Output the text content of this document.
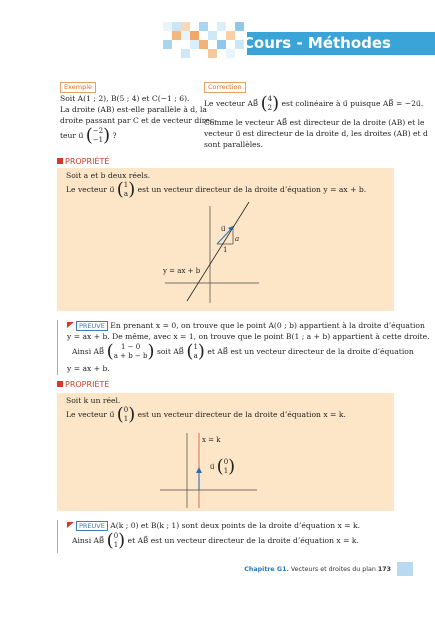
Cours - Méthodes
Exemple
Soit A(1 ; 2), B(5 ; 4) et C(−1 ; 6).
La droite (AB) est-elle parallèle à d, la
droite passant par C et de vecteur direc-
teur u⃗ (−2
−1) ?
Correction
Le vecteur AB⃗ (4
2) est colinéaire à u⃗ puisque AB⃗ = −2u⃗.
Comme le vecteur AB⃗ est directeur de la droite (AB) et le
vecteur u⃗ est directeur de la droite d, les droites (AB) et d
sont parallèles.
PROPRIÉTÉ
Soit a et b deux réels.
Le vecteur u⃗ (1
a) est un vecteur directeur de la droite d’équation y = ax + b.
u⃗
a
1
y = ax + b
PREUVE En prenant x = 0, on trouve que le point A(0 ; b) appartient à la droite d’équation
y = ax + b. De même, avec x = 1, on trouve que le point B(1 ; a + b) appartient à cette droite.
Ainsi AB⃗ ( 1 − 0
a + b − b) soit AB⃗ (1
a) et AB⃗ est un vecteur directeur de la droite d’équation
y = ax + b.
PROPRIÉTÉ
Soit k un réel.
Le vecteur u⃗ (0
1) est un vecteur directeur de la droite d’équation x = k.
x = k
u⃗ (0
1)
PREUVE A(k ; 0) et B(k ; 1) sont deux points de la droite d’équation x = k.
Ainsi AB⃗ (0
1) et AB⃗ est un vecteur directeur de la droite d’équation x = k.
Chapitre G1. Vecteurs et droites du plan 173
